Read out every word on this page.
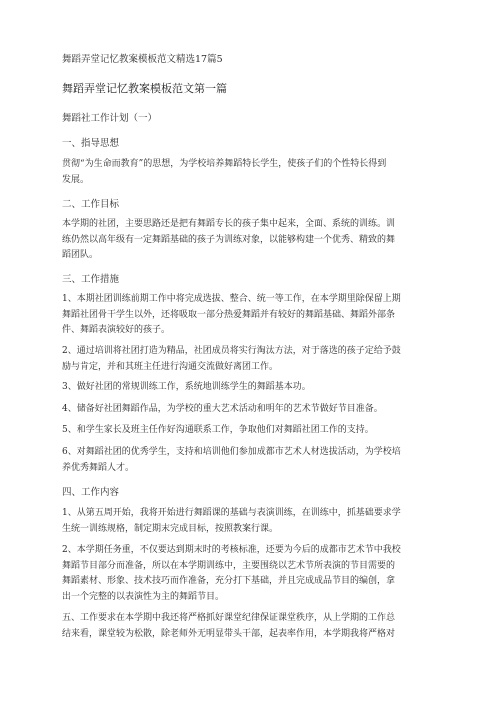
舞蹈弄堂记忆教案模板范文精选17篇5

舞蹈弄堂记忆教案模板范文第一篇

舞蹈社工作计划（一）

一、指导思想

贯彻“为生命而教育”的思想，为学校培养舞蹈特长学生，使孩子们的个性特长得到
发展。

二、工作目标

本学期的社团，主要思路还是把有舞蹈专长的孩子集中起来，全面、系统的训练。训
练仍然以高年级有一定舞蹈基础的孩子为训练对象，以能够构建一个优秀、精致的舞
蹈团队。

三、工作措施

1、本期社团训练前期工作中将完成选拔、整合、统一等工作，在本学期里除保留上期
舞蹈社团骨干学生以外，还将吸取一部分热爱舞蹈并有较好的舞蹈基础、舞蹈外部条
件、舞蹈表演较好的孩子。
2、通过培训将社团打造为精品，社团成员将实行淘汰方法，对于落选的孩子定给予鼓
励与肯定，并和其班主任进行沟通交流做好离团工作。
3、做好社团的常规训练工作，系统地训练学生的舞蹈基本功。
4、储备好社团舞蹈作品，为学校的重大艺术活动和明年的艺术节做好节目准备。
5、和学生家长及班主任作好沟通联系工作，争取他们对舞蹈社团工作的支持。
6、对舞蹈社团的优秀学生，支持和培训他们参加成都市艺术人材选拔活动，为学校培
养优秀舞蹈人才。

四、工作内容

1、从第五周开始，我将开始进行舞蹈课的基础与表演训练，在训练中，抓基础要求学
生统一训练规格，制定期末完成目标，按照教案行课。
2、本学期任务重，不仅要达到期末时的考核标准，还要为今后的成都市艺术节中我校
舞蹈节目部分而准备，所以在本学期训练中，主要围绕以艺术节所表演的节目需要的
舞蹈素材、形象、技术技巧而作准备，充分打下基础，并且完成成品节目的编创，拿
出一个完整的以表演性为主的舞蹈节目。
五、工作要求在本学期中我还将严格抓好课堂纪律保证课堂秩序，从上学期的工作总
结来看，课堂较为松散，除老师外无明显带头干部，起表率作用，本学期我将严格对
